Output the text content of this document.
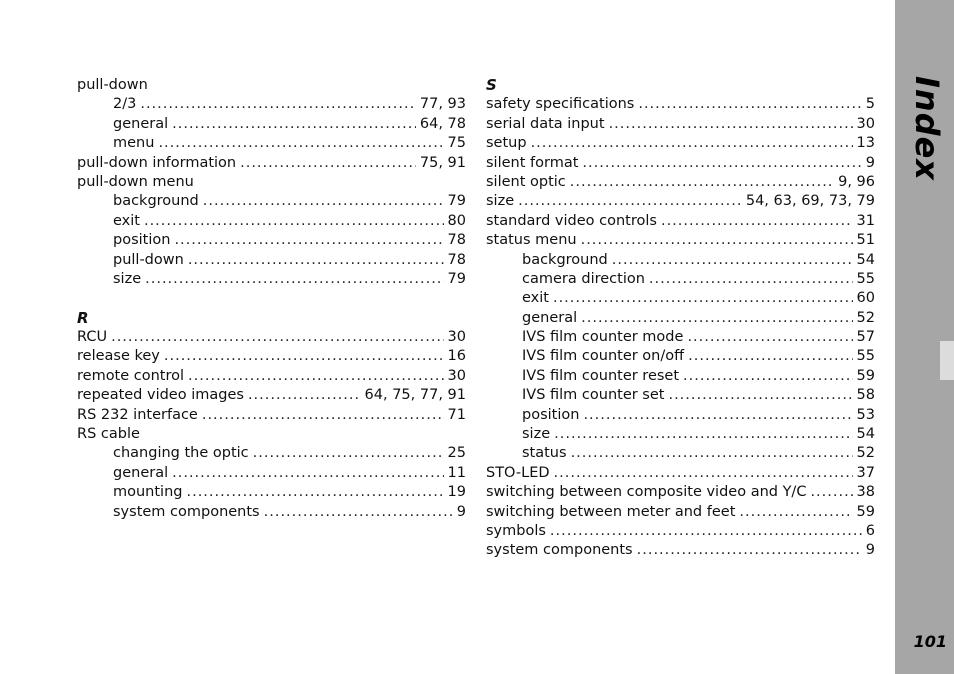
pull-down
2/3 .....	77, 93
general .....	64, 78
menu .....	75
pull-down information .....	75, 91
pull-down menu
background .....	79
exit .....	80
position .....	78
pull-down .....	78
size .....	79
R
RCU .....	30
release key .....	16
remote control .....	30
repeated video images .....	64, 75, 77, 91
RS 232 interface .....	71
RS cable
changing the optic .....	25
general .....	11
mounting .....	19
system components .....	9
S
safety specifications .....	5
serial data input .....	30
setup .....	13
silent format .....	9
silent optic .....	9, 96
size .....	54, 63, 69, 73, 79
standard video controls .....	31
status menu .....	51
background .....	54
camera direction .....	55
exit .....	60
general .....	52
IVS film counter mode .....	57
IVS film counter on/off .....	55
IVS film counter reset .....	59
IVS film counter set .....	58
position .....	53
size .....	54
status .....	52
STO-LED .....	37
switching between composite video and Y/C .....	38
switching between meter and feet .....	59
symbols .....	6
system components .....	9
Index
101
